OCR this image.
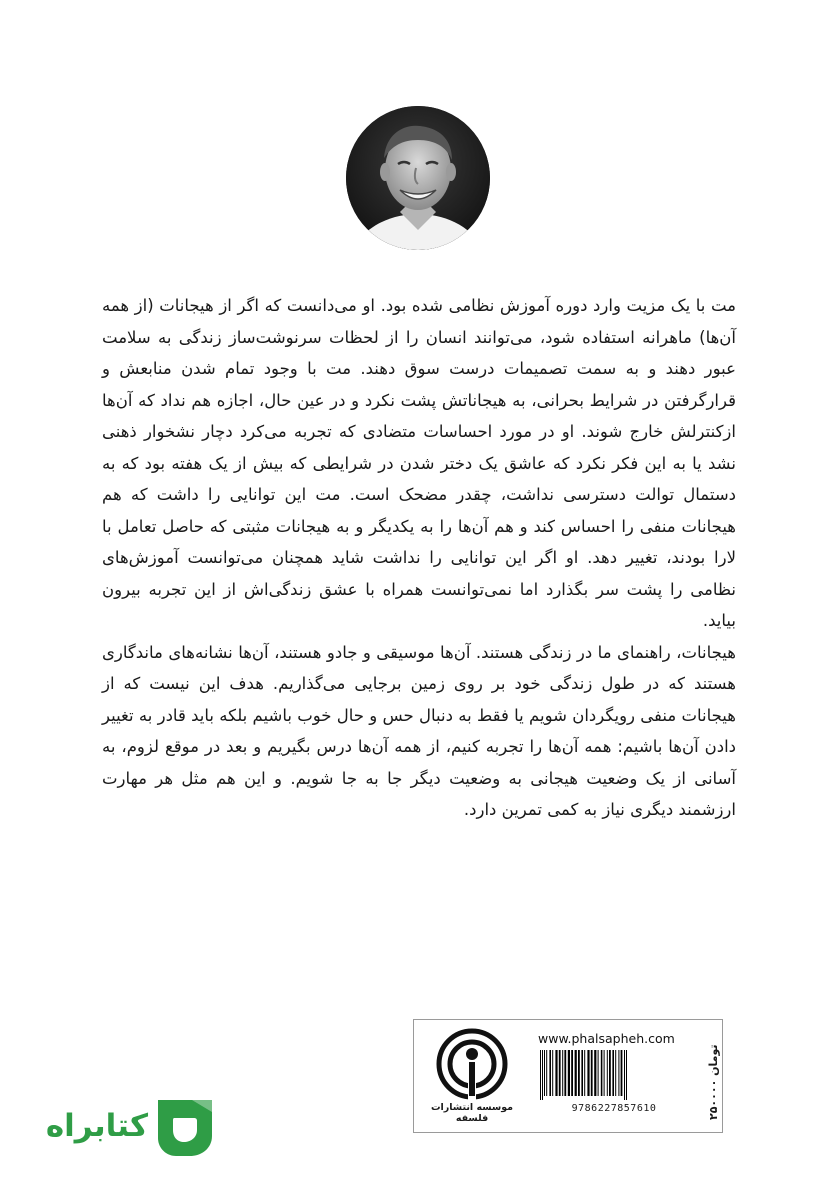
مت با یک مزیت وارد دوره آموزش نظامی شده بود. او می‌دانست که اگر از هیجانات (از همه آن‌ها) ماهرانه استفاده شود، می‌توانند انسان را از لحظات سرنوشت‌ساز زندگی به سلامت عبور دهند و به سمت تصمیمات درست سوق دهند. مت با وجود تمام شدن منابعش و قرارگرفتن در شرایط بحرانی، به هیجاناتش پشت نکرد و در عین حال، اجازه هم نداد که آن‌ها ازکنترلش خارج شوند. او در مورد احساسات متضادی که تجربه می‌کرد دچار نشخوار ذهنی نشد یا به این فکر نکرد که عاشق یک دختر شدن در شرایطی که بیش از یک هفته بود که به دستمال توالت دسترسی نداشت، چقدر مضحک است. مت این توانایی را داشت که هم هیجانات منفی را احساس کند و هم آن‌ها را به یکدیگر و به هیجانات مثبتی که حاصل تعامل با لارا بودند، تغییر دهد. او اگر این توانایی را نداشت شاید همچنان می‌توانست آموزش‌های نظامی را پشت سر بگذارد اما نمی‌توانست همراه با عشق زندگی‌اش از این تجربه بیرون بیاید.

هیجانات، راهنمای ما در زندگی هستند. آن‌ها موسیقی و جادو هستند، آن‌ها نشانه‌های ماندگاری هستند که در طول زندگی خود بر روی زمین برجایی می‌گذاریم. هدف این نیست که از هیجانات منفی رویگردان شویم یا فقط به دنبال حس و حال خوب باشیم بلکه باید قادر به تغییر دادن آن‌ها باشیم: همه آن‌ها را تجربه کنیم، از همه آن‌ها درس بگیریم و بعد در موقع لزوم، به آسانی از یک وضعیت هیجانی به وضعیت دیگر جا به جا شویم. و این هم مثل هر مهارت ارزشمند دیگری نیاز به کمی تمرین دارد.

موسسه انتشارات فلسفه
www.phalsapheh.com
9786227857610	۲۵۰۰۰۰ تومان
کتابراه
